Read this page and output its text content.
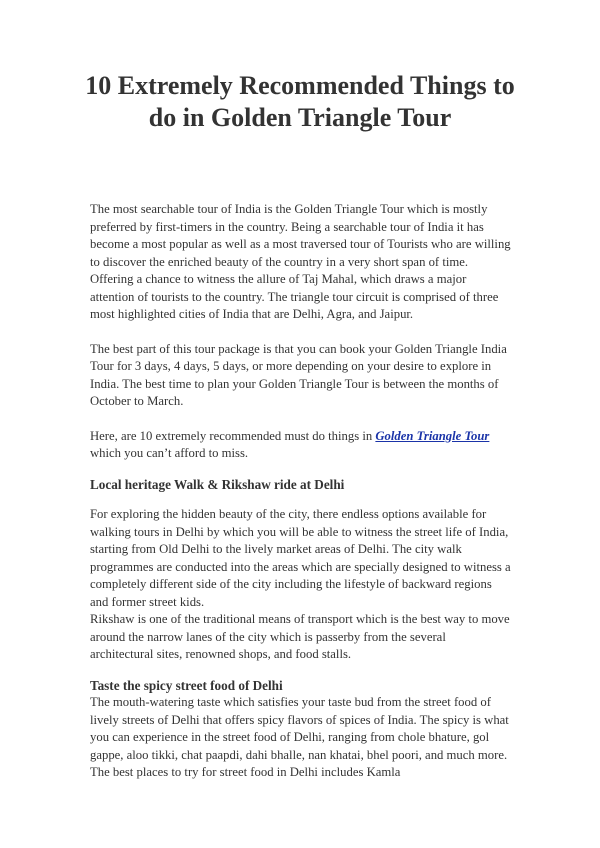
10 Extremely Recommended Things to do in Golden Triangle Tour

The most searchable tour of India is the Golden Triangle Tour which is mostly preferred by first-timers in the country. Being a searchable tour of India it has become a most popular as well as a most traversed tour of Tourists who are willing to discover the enriched beauty of the country in a very short span of time. Offering a chance to witness the allure of Taj Mahal, which draws a major attention of tourists to the country. The triangle tour circuit is comprised of three most highlighted cities of India that are Delhi, Agra, and Jaipur.

The best part of this tour package is that you can book your Golden Triangle India Tour for 3 days, 4 days, 5 days, or more depending on your desire to explore in India. The best time to plan your Golden Triangle Tour is between the months of October to March.

Here, are 10 extremely recommended must do things in Golden Triangle Tour which you can’t afford to miss.

Local heritage Walk & Rikshaw ride at Delhi

For exploring the hidden beauty of the city, there endless options available for walking tours in Delhi by which you will be able to witness the street life of India, starting from Old Delhi to the lively market areas of Delhi. The city walk programmes are conducted into the areas which are specially designed to witness a completely different side of the city including the lifestyle of backward regions and former street kids.

Rikshaw is one of the traditional means of transport which is the best way to move around the narrow lanes of the city which is passerby from the several architectural sites, renowned shops, and food stalls.

Taste the spicy street food of Delhi

The mouth-watering taste which satisfies your taste bud from the street food of lively streets of Delhi that offers spicy flavors of spices of India. The spicy is what you can experience in the street food of Delhi, ranging from chole bhature, gol gappe, aloo tikki, chat paapdi, dahi bhalle, nan khatai, bhel poori, and much more. The best places to try for street food in Delhi includes Kamla
